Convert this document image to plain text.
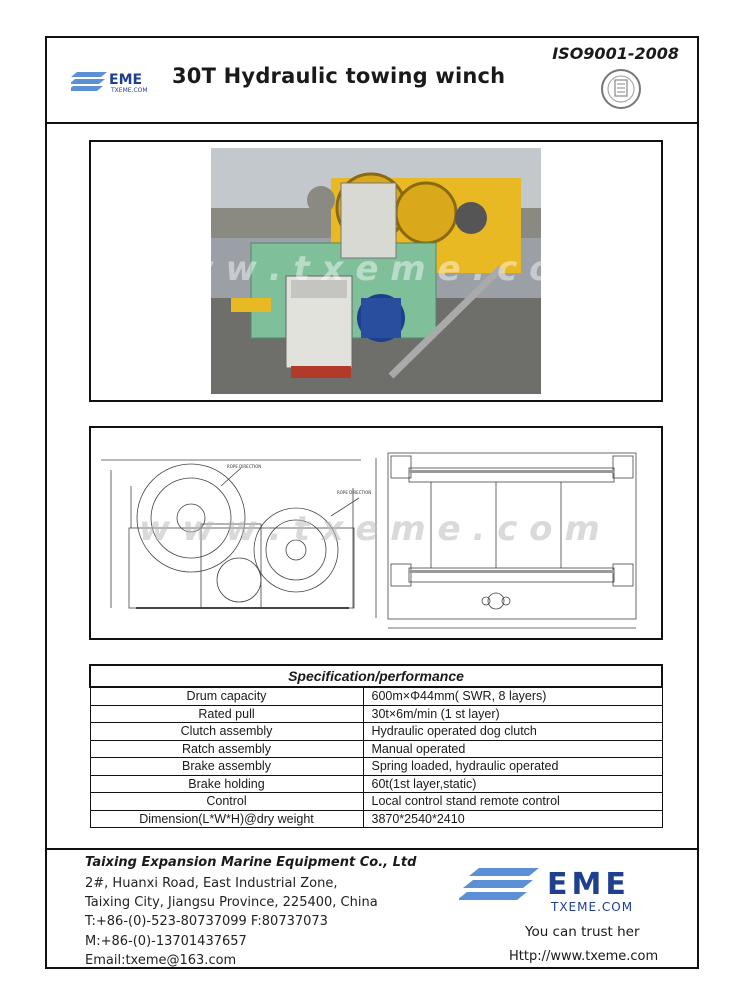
EME
TXEME.COM
30T Hydraulic towing winch
ISO9001-2008
w w w . t x e m e . c o m
ROPE DIRECTION
ROPE DIRECTION
w w w . t x e m e . c o m
Specification/performance	
Drum capacity	600m×Φ44mm( SWR, 8 layers)
Rated pull	30t×6m/min (1 st layer)
Clutch assembly	Hydraulic operated dog clutch
Ratch assembly	Manual operated
Brake assembly	Spring loaded, hydraulic operated
Brake holding	60t(1st layer,static)
Control	Local control stand remote control
Dimension(L*W*H)@dry weight	3870*2540*2410
Taixing Expansion Marine Equipment Co., Ltd
2#, Huanxi Road, East Industrial Zone,
Taixing City, Jiangsu Province, 225400, China
T:+86-(0)-523-80737099 F:80737073
M:+86-(0)-13701437657
Email:txeme@163.com
EME
TXEME.COM
You can trust her
Http://www.txeme.com
